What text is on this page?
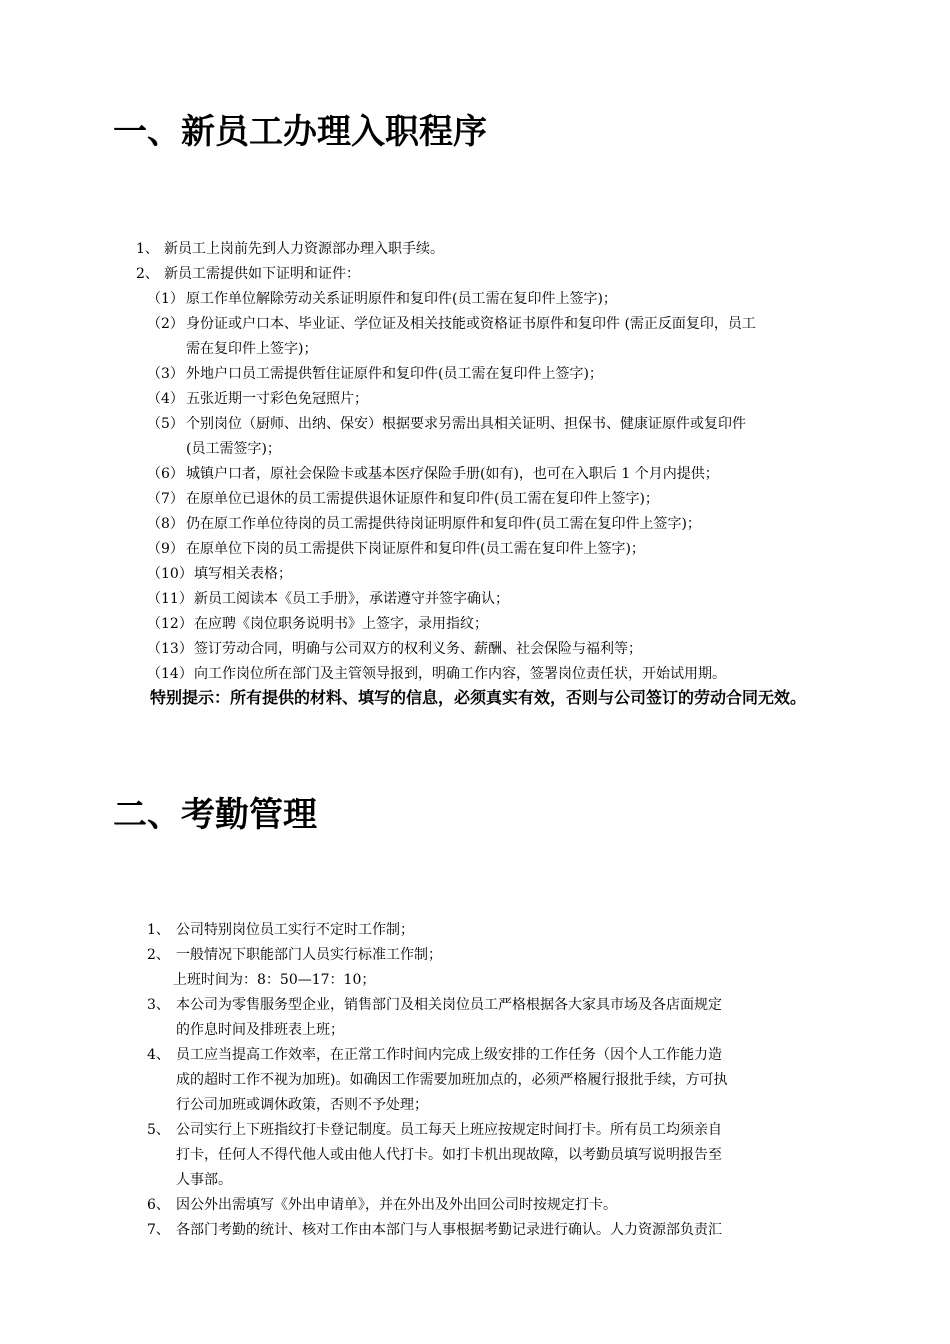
一、新员工办理入职程序
1、 新员工上岗前先到人力资源部办理入职手续。
2、 新员工需提供如下证明和证件：
（1） 原工作单位解除劳动关系证明原件和复印件(员工需在复印件上签字)；
（2） 身份证或户口本、毕业证、学位证及相关技能或资格证书原件和复印件 (需正反面复印，员工
需在复印件上签字)；
（3） 外地户口员工需提供暂住证原件和复印件(员工需在复印件上签字)；
（4） 五张近期一寸彩色免冠照片；
（5） 个别岗位（厨师、出纳、保安）根据要求另需出具相关证明、担保书、健康证原件或复印件
(员工需签字)；
（6） 城镇户口者，原社会保险卡或基本医疗保险手册(如有)，也可在入职后 1 个月内提供；
（7） 在原单位已退休的员工需提供退休证原件和复印件(员工需在复印件上签字)；
（8） 仍在原工作单位待岗的员工需提供待岗证明原件和复印件(员工需在复印件上签字)；
（9） 在原单位下岗的员工需提供下岗证原件和复印件(员工需在复印件上签字)；
（10） 填写相关表格；
（11） 新员工阅读本《员工手册》，承诺遵守并签字确认；
（12） 在应聘《岗位职务说明书》上签字，录用指纹；
（13） 签订劳动合同，明确与公司双方的权利义务、薪酬、社会保险与福利等；
（14） 向工作岗位所在部门及主管领导报到，明确工作内容，签署岗位责任状，开始试用期。

特别提示：所有提供的材料、填写的信息，必须真实有效，否则与公司签订的劳动合同无效。

二、考勤管理
1、 公司特别岗位员工实行不定时工作制；
2、 一般情况下职能部门人员实行标准工作制；
上班时间为：8：50—17：10；
3、 本公司为零售服务型企业，销售部门及相关岗位员工严格根据各大家具市场及各店面规定
的作息时间及排班表上班；
4、 员工应当提高工作效率，在正常工作时间内完成上级安排的工作任务（因个人工作能力造
成的超时工作不视为加班)。如确因工作需要加班加点的，必须严格履行报批手续，方可执
行公司加班或调休政策，否则不予处理；
5、 公司实行上下班指纹打卡登记制度。员工每天上班应按规定时间打卡。所有员工均须亲自
打卡，任何人不得代他人或由他人代打卡。如打卡机出现故障，以考勤员填写说明报告至
人事部。
6、 因公外出需填写《外出申请单》，并在外出及外出回公司时按规定打卡。
7、 各部门考勤的统计、核对工作由本部门与人事根据考勤记录进行确认。人力资源部负责汇
